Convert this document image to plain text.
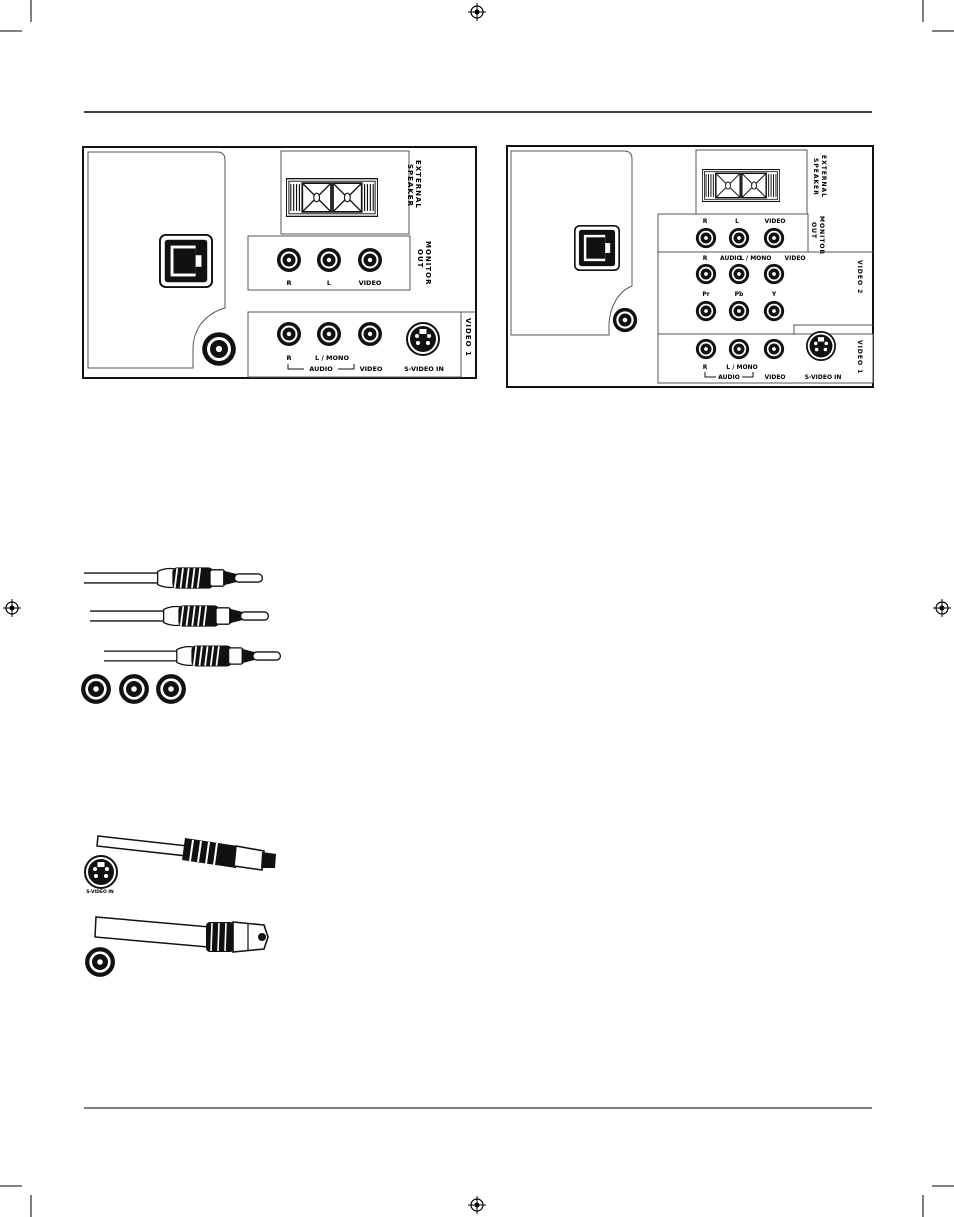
EXTERNAL
SPEAKER
R	L	VIDEO	MONITOR
OUT
R	L / MONO
AUDIO	VIDEO	S-VIDEO IN
VIDEO 1
EXTERNAL
SPEAKER
R	L	VIDEO	MONITOR
OUT
R AUDIO
L / MONO VIDEO
Pr	Pb	Y
VIDEO 2
R	L / MONO
AUDIO	VIDEO	S-VIDEO IN
VIDEO 1
S-VIDEO IN
